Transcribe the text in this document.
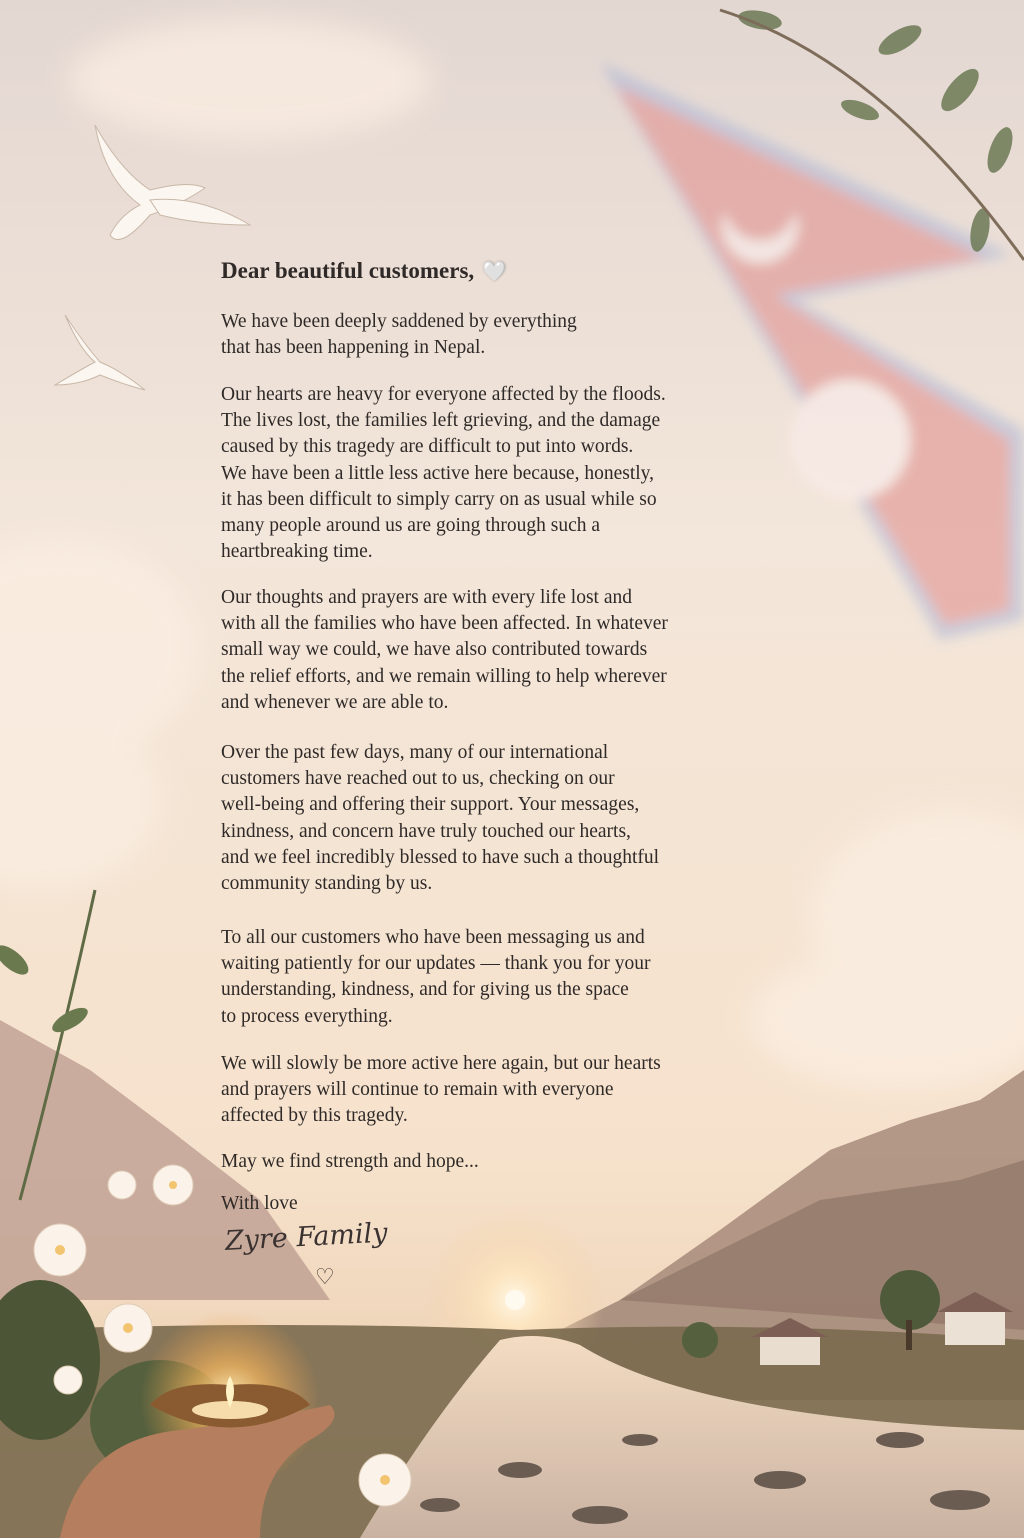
Dear beautiful customers, 🤍
We have been deeply saddened by everything
that has been happening in Nepal.
Our hearts are heavy for everyone affected by the floods.
The lives lost, the families left grieving, and the damage
caused by this tragedy are difficult to put into words.
We have been a little less active here because, honestly,
it has been difficult to simply carry on as usual while so
many people around us are going through such a
heartbreaking time.
Our thoughts and prayers are with every life lost and
with all the families who have been affected. In whatever
small way we could, we have also contributed towards
the relief efforts, and we remain willing to help wherever
and whenever we are able to.
Over the past few days, many of our international
customers have reached out to us, checking on our
well-being and offering their support. Your messages,
kindness, and concern have truly touched our hearts,
and we feel incredibly blessed to have such a thoughtful
community standing by us.
To all our customers who have been messaging us and
waiting patiently for our updates — thank you for your
understanding, kindness, and for giving us the space
to process everything.
We will slowly be more active here again, but our hearts
and prayers will continue to remain with everyone
affected by this tragedy.
May we find strength and hope...
With love
Zyre Family
♡
